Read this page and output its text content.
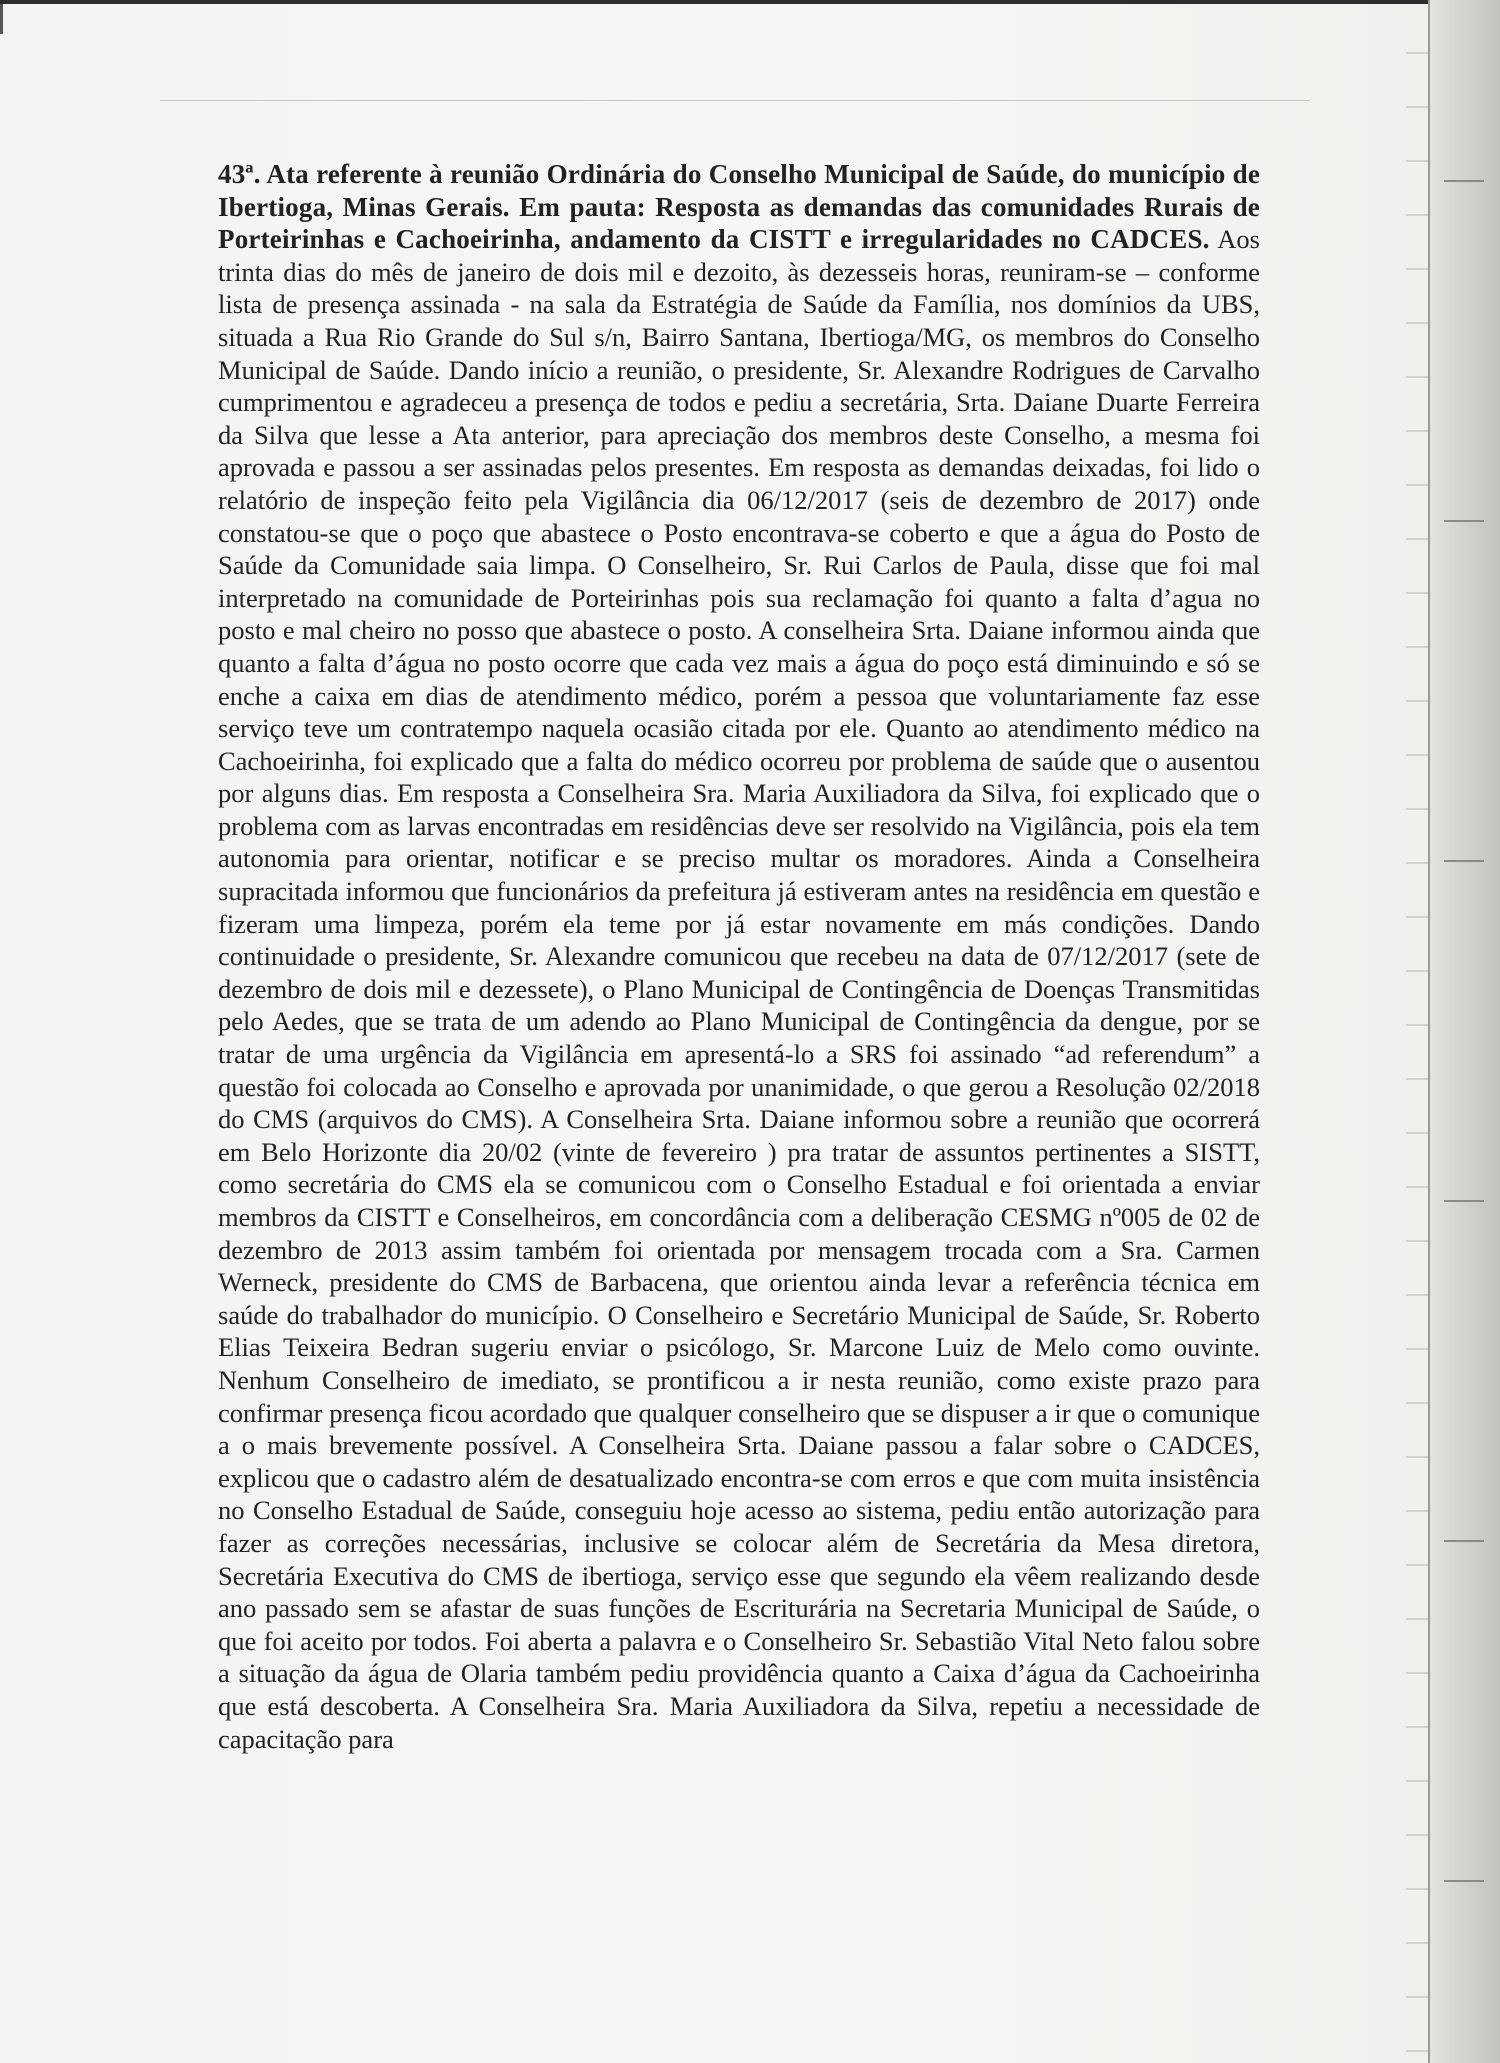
43ª. Ata referente à reunião Ordinária do Conselho Municipal de Saúde, do município de Ibertioga, Minas Gerais. Em pauta: Resposta as demandas das comunidades Rurais de Porteirinhas e Cachoeirinha, andamento da CISTT e irregularidades no CADCES. Aos trinta dias do mês de janeiro de dois mil e dezoito, às dezesseis horas, reuniram-se – conforme lista de presença assinada - na sala da Estratégia de Saúde da Família, nos domínios da UBS, situada a Rua Rio Grande do Sul s/n, Bairro Santana, Ibertioga/MG, os membros do Conselho Municipal de Saúde. Dando início a reunião, o presidente, Sr. Alexandre Rodrigues de Carvalho cumprimentou e agradeceu a presença de todos e pediu a secretária, Srta. Daiane Duarte Ferreira da Silva que lesse a Ata anterior, para apreciação dos membros deste Conselho, a mesma foi aprovada e passou a ser assinadas pelos presentes. Em resposta as demandas deixadas, foi lido o relatório de inspeção feito pela Vigilância dia 06/12/2017 (seis de dezembro de 2017) onde constatou-se que o poço que abastece o Posto encontrava-se coberto e que a água do Posto de Saúde da Comunidade saia limpa. O Conselheiro, Sr. Rui Carlos de Paula, disse que foi mal interpretado na comunidade de Porteirinhas pois sua reclamação foi quanto a falta d’agua no posto e mal cheiro no posso que abastece o posto. A conselheira Srta. Daiane informou ainda que quanto a falta d’água no posto ocorre que cada vez mais a água do poço está diminuindo e só se enche a caixa em dias de atendimento médico, porém a pessoa que voluntariamente faz esse serviço teve um contratempo naquela ocasião citada por ele. Quanto ao atendimento médico na Cachoeirinha, foi explicado que a falta do médico ocorreu por problema de saúde que o ausentou por alguns dias. Em resposta a Conselheira Sra. Maria Auxiliadora da Silva, foi explicado que o problema com as larvas encontradas em residências deve ser resolvido na Vigilância, pois ela tem autonomia para orientar, notificar e se preciso multar os moradores. Ainda a Conselheira supracitada informou que funcionários da prefeitura já estiveram antes na residência em questão e fizeram uma limpeza, porém ela teme por já estar novamente em más condições. Dando continuidade o presidente, Sr. Alexandre comunicou que recebeu na data de 07/12/2017 (sete de dezembro de dois mil e dezessete), o Plano Municipal de Contingência de Doenças Transmitidas pelo Aedes, que se trata de um adendo ao Plano Municipal de Contingência da dengue, por se tratar de uma urgência da Vigilância em apresentá-lo a SRS foi assinado “ad referendum” a questão foi colocada ao Conselho e aprovada por unanimidade, o que gerou a Resolução 02/2018 do CMS (arquivos do CMS). A Conselheira Srta. Daiane informou sobre a reunião que ocorrerá em Belo Horizonte dia 20/02 (vinte de fevereiro ) pra tratar de assuntos pertinentes a SISTT, como secretária do CMS ela se comunicou com o Conselho Estadual e foi orientada a enviar membros da CISTT e Conselheiros, em concordância com a deliberação CESMG nº005 de 02 de dezembro de 2013 assim também foi orientada por mensagem trocada com a Sra. Carmen Werneck, presidente do CMS de Barbacena, que orientou ainda levar a referência técnica em saúde do trabalhador do município. O Conselheiro e Secretário Municipal de Saúde, Sr. Roberto Elias Teixeira Bedran sugeriu enviar o psicólogo, Sr. Marcone Luiz de Melo como ouvinte. Nenhum Conselheiro de imediato, se prontificou a ir nesta reunião, como existe prazo para confirmar presença ficou acordado que qualquer conselheiro que se dispuser a ir que o comunique a o mais brevemente possível. A Conselheira Srta. Daiane passou a falar sobre o CADCES, explicou que o cadastro além de desatualizado encontra-se com erros e que com muita insistência no Conselho Estadual de Saúde, conseguiu hoje acesso ao sistema, pediu então autorização para fazer as correções necessárias, inclusive se colocar além de Secretária da Mesa diretora, Secretária Executiva do CMS de ibertioga, serviço esse que segundo ela vêem realizando desde ano passado sem se afastar de suas funções de Escriturária na Secretaria Municipal de Saúde, o que foi aceito por todos. Foi aberta a palavra e o Conselheiro Sr. Sebastião Vital Neto falou sobre a situação da água de Olaria também pediu providência quanto a Caixa d’água da Cachoeirinha que está descoberta. A Conselheira Sra. Maria Auxiliadora da Silva, repetiu a necessidade de capacitação para
